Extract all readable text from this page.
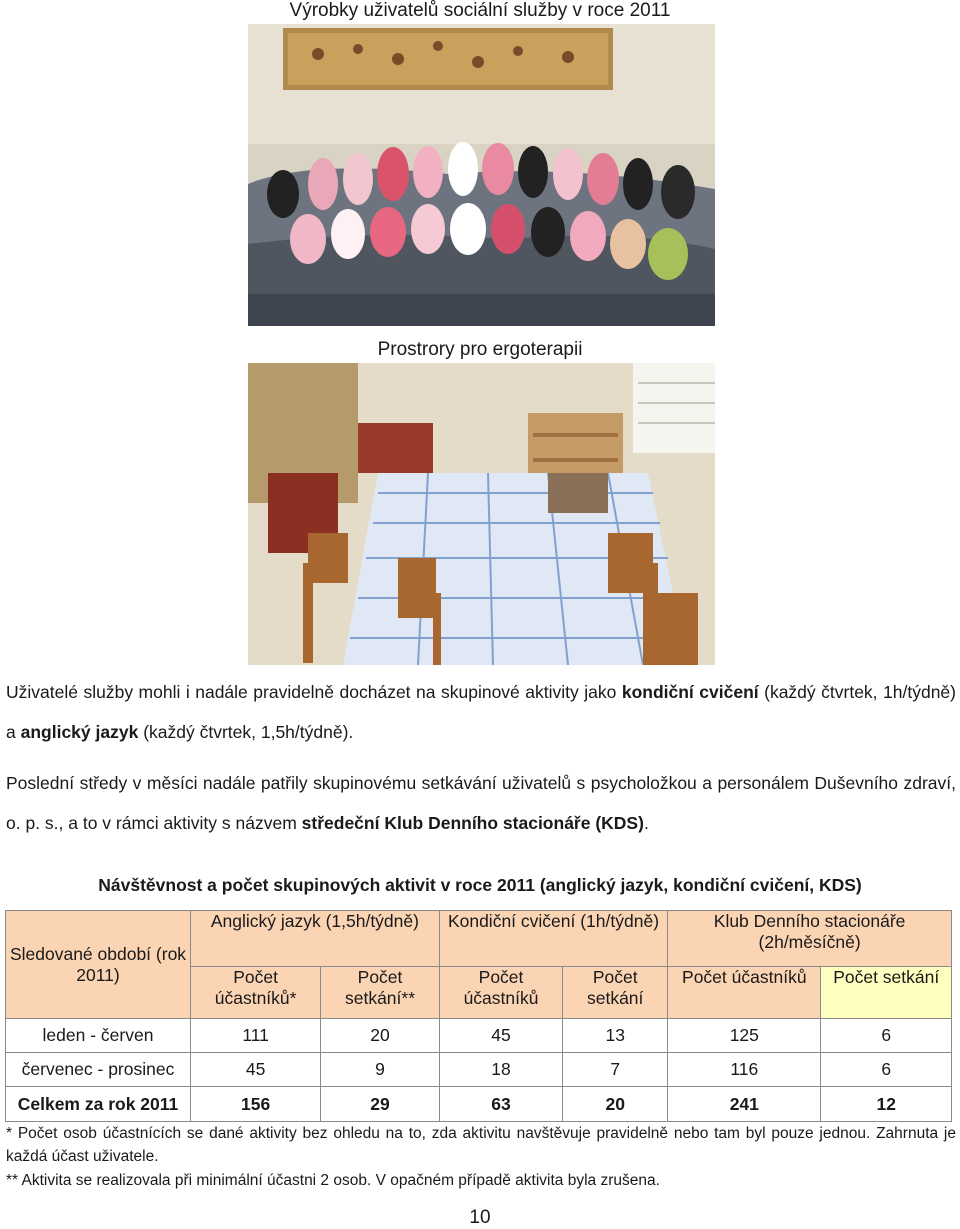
Výrobky uživatelů sociální služby v roce 2011
Prostrory pro ergoterapii
Uživatelé služby mohli i nadále pravidelně docházet na skupinové aktivity jako kondiční cvičení (každý čtvrtek, 1h/týdně) a anglický jazyk (každý čtvrtek, 1,5h/týdně).
Poslední středy v měsíci nadále patřily skupinovému setkávání uživatelů s psycholožkou a personálem Duševního zdraví, o. p. s., a to v rámci aktivity s názvem středeční Klub Denního stacionáře (KDS).
Návštěvnost a počet skupinových aktivit v roce 2011 (anglický jazyk, kondiční cvičení, KDS)
Sledované období (rok 2011)	Anglický jazyk (1,5h/týdně)		Kondiční cvičení (1h/týdně)		Klub Denního stacionáře (2h/měsíčně)	
	Počet účastníků*	Počet setkání**	Počet účastníků	Počet setkání	Počet účastníků	Počet setkání
leden - červen	111	20	45	13	125	6
červenec - prosinec	45	9	18	7	116	6
Celkem za rok 2011	156	29	63	20	241	12
* Počet osob účastnících se dané aktivity bez ohledu na to, zda aktivitu navštěvuje pravidelně nebo tam byl pouze jednou. Zahrnuta je každá účast uživatele.
** Aktivita se realizovala při minimální účastni 2 osob. V opačném případě aktivita byla zrušena.
10
